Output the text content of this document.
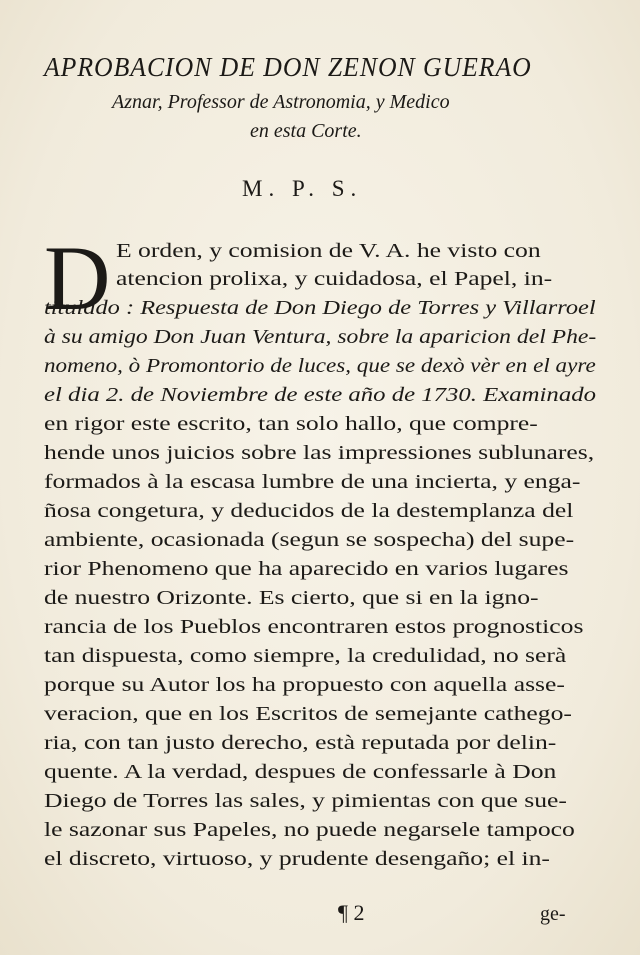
APROBACION DE DON ZENON GUERAO
Aznar, Professor de Astronomia, y Medico
en esta Corte.
M. P. S.
D E orden, y comision de V. A. he visto con
atencion prolixa, y cuidadosa, el Papel, in-
titulado : Respuesta de Don Diego de Torres y Villarroel
à su amigo Don Juan Ventura, sobre la aparicion del Phe-
nomeno, ò Promontorio de luces, que se dexò vèr en el ayre
el dia 2. de Noviembre de este año de 1730. Examinado
en rigor este escrito, tan solo hallo, que compre-
hende unos juicios sobre las impressiones sublunares,
formados à la escasa lumbre de una incierta, y enga-
ñosa congetura, y deducidos de la destemplanza del
ambiente, ocasionada (segun se sospecha) del supe-
rior Phenomeno que ha aparecido en varios lugares
de nuestro Orizonte. Es cierto, que si en la igno-
rancia de los Pueblos encontraren estos prognosticos
tan dispuesta, como siempre, la credulidad, no serà
porque su Autor los ha propuesto con aquella asse-
veracion, que en los Escritos de semejante cathego-
ria, con tan justo derecho, està reputada por delin-
quente. A la verdad, despues de confessarle à Don
Diego de Torres las sales, y pimientas con que sue-
le sazonar sus Papeles, no puede negarsele tampoco
el discreto, virtuoso, y prudente desengaño; el in-
¶ 2	ge-
